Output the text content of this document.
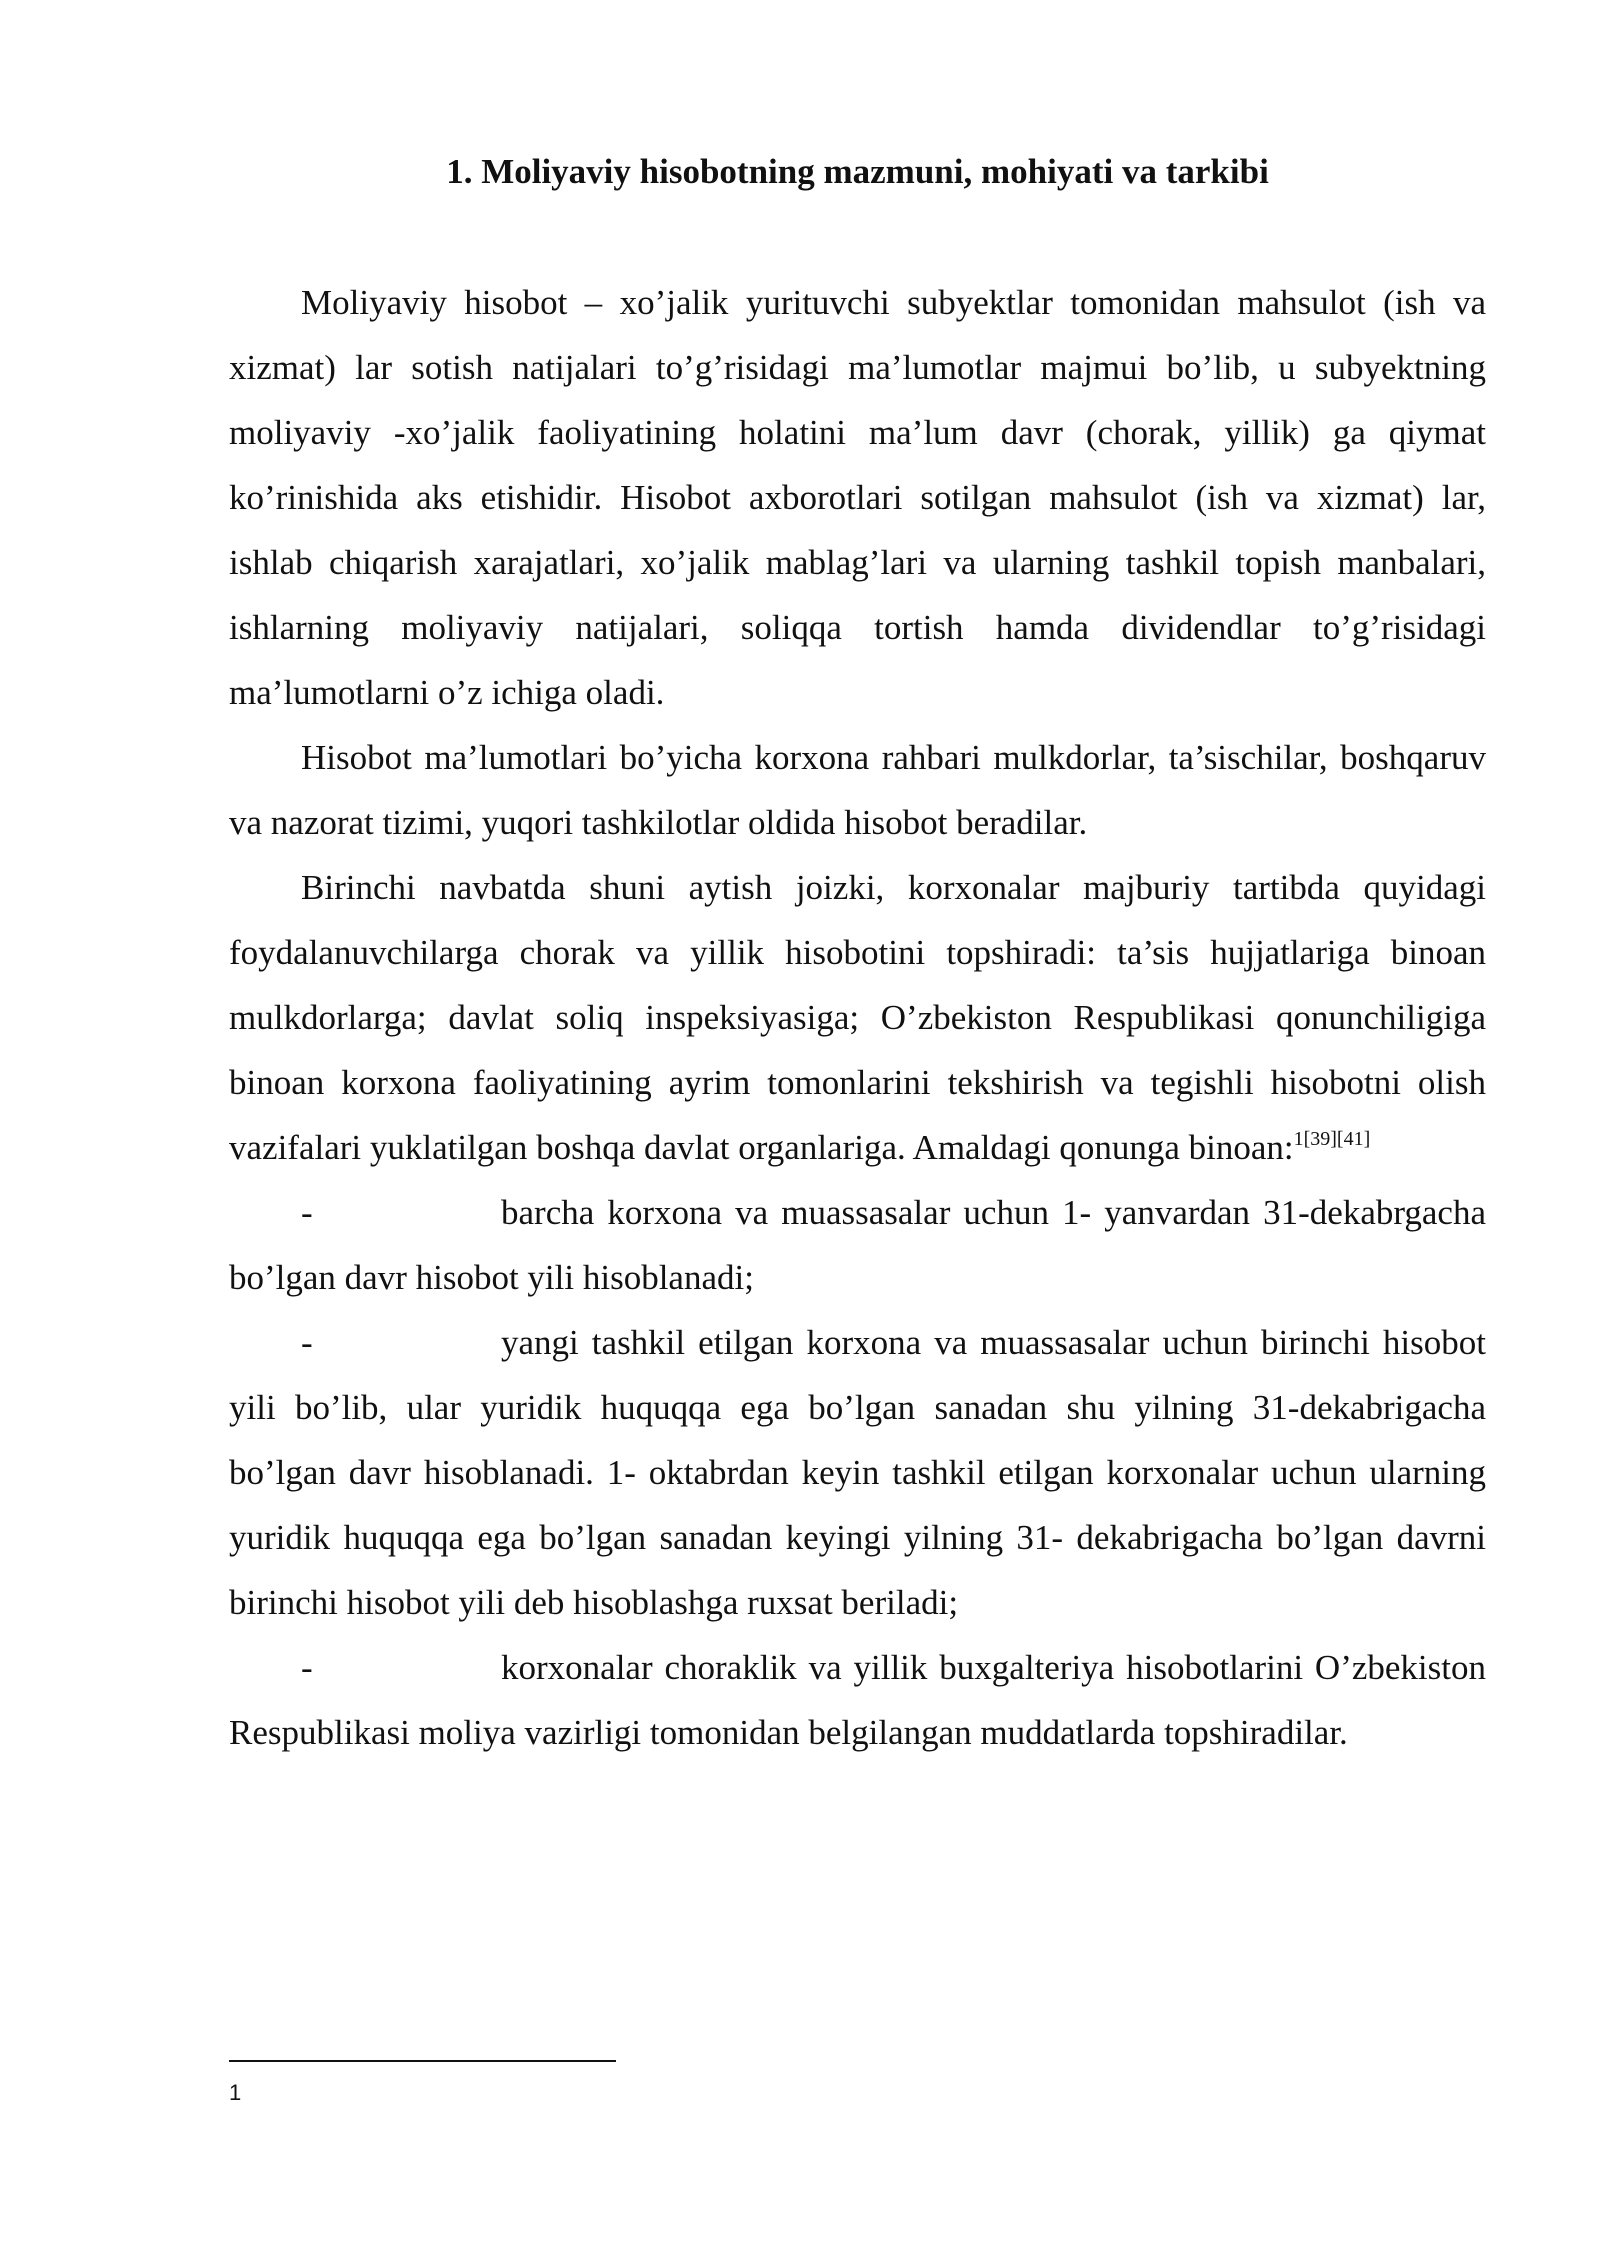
1. Moliyaviy hisobotning mazmuni, mohiyati va tarkibi

Moliyaviy hisobot – xo’jalik yurituvchi subyektlar tomonidan mahsulot (ish va xizmat) lar sotish natijalari to’g’risidagi ma’lumotlar majmui bo’lib, u subyektning moliyaviy -xo’jalik faoliyatining holatini ma’lum davr (chorak, yillik) ga qiymat ko’rinishida aks etishidir. Hisobot axborotlari sotilgan mahsulot (ish va xizmat) lar, ishlab chiqarish xarajatlari, xo’jalik mablag’lari va ularning tashkil topish manbalari, ishlarning moliyaviy natijalari, soliqqa tortish hamda dividendlar to’g’risidagi ma’lumotlarni o’z ichiga oladi.

Hisobot ma’lumotlari bo’yicha korxona rahbari mulkdorlar, ta’sischilar, boshqaruv va nazorat tizimi, yuqori tashkilotlar oldida hisobot beradilar.

Birinchi navbatda shuni aytish joizki, korxonalar majburiy tartibda quyidagi foydalanuvchilarga chorak va yillik hisobotini topshiradi: ta’sis hujjatlariga binoan mulkdorlarga; davlat soliq inspeksiyasiga; O’zbekiston Respublikasi qonunchiligiga binoan korxona faoliyatining ayrim tomonlarini tekshirish va tegishli hisobotni olish vazifalari yuklatilgan boshqa davlat organlariga. Amaldagi qonunga binoan:$^{1[39][41]}$

-	barcha korxona va muassasalar uchun 1- yanvardan 31-dekabrgacha bo’lgan davr hisobot yili hisoblanadi;

-	yangi tashkil etilgan korxona va muassasalar uchun birinchi hisobot yili bo’lib, ular yuridik huquqqa ega bo’lgan sanadan shu yilning 31-dekabrigacha bo’lgan davr hisoblanadi. 1- oktabrdan keyin tashkil etilgan korxonalar uchun ularning yuridik huquqqa ega bo’lgan sanadan keyingi yilning 31- dekabrigacha bo’lgan davrni birinchi hisobot yili deb hisoblashga ruxsat beriladi;

-	korxonalar choraklik va yillik buxgalteriya hisobotlarini O’zbekiston Respublikasi moliya vazirligi tomonidan belgilangan muddatlarda topshiradilar.

1
